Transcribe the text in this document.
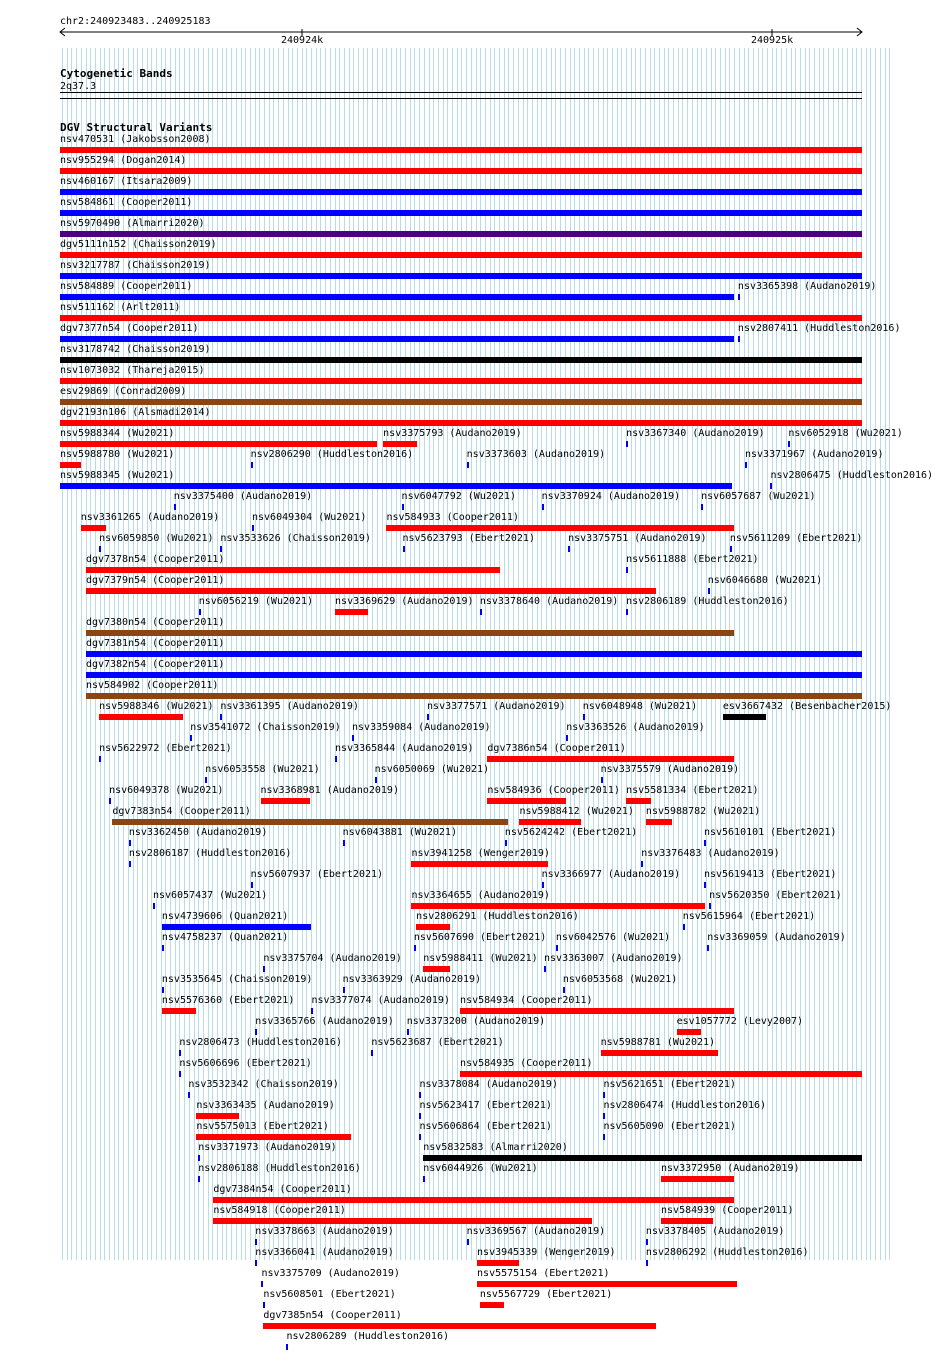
chr2:240923483..240925183
240924k	240925k
Cytogenetic Bands
2q37.3
DGV Structural Variants
nsv470531 (Jakobsson2008)
nsv955294 (Dogan2014)
nsv460167 (Itsara2009)
nsv584861 (Cooper2011)
nsv5970490 (Almarri2020)
dgv5111n152 (Chaisson2019)
nsv3217787 (Chaisson2019)
nsv584889 (Cooper2011)	nsv3365398 (Audano2019)
nsv511162 (Arlt2011)
dgv7377n54 (Cooper2011)	nsv2807411 (Huddleston2016)
nsv3178742 (Chaisson2019)
nsv1073032 (Thareja2015)
esv29869 (Conrad2009)
dgv2193n106 (Alsmadi2014)
nsv5988344 (Wu2021)	nsv3375793 (Audano2019)
nsv3373603 (Audano2019)
nsv3367340 (Audano2019)
nsv5988345 (Wu2021)
nsv3371967 (Audano2019)
nsv5988780 (Wu2021)
nsv3375400 (Audano2019)
nsv2806290 (Huddleston2016)
nsv6047792 (Wu2021)	nsv3370924 (Audano2019) nsv6057687 (Wu2021)
nsv3361265 (Audano2019)
nsv3533626 (Chaisson2019)
nsv584933 (Cooper2011)
nsv5611209 (Ebert2021)
dgv7378n54 (Cooper2011)
nsv3375751 (Audano2019)
nsv5611888 (Ebert2021)
dgv7379n54 (Cooper2011)
nsv2806189 (Huddleston2016)
dgv7380n54 (Cooper2011)
nsv6046680 (Wu2021)
dgv7381n54 (Cooper2011)
dgv7382n54 (Cooper2011)
nsv584902 (Cooper2011)
nsv6059850 (Wu2021)
nsv6056219 (Wu2021) nsv3369629 (Audano2019)
nsv3377571 (Audano2019)
nsv3363526 (Audano2019)
nsv6052918 (Wu2021)
nsv5988346 (Wu2021)
nsv3541072 (Chaisson2019)
nsv5623793 (Ebert2021)
dgv7386n54 (Cooper2011)
esv3667432 (Besenbacher2015)
nsv5622972 (Ebert2021)
nsv6053558 (Wu2021)
nsv3365844 (Audano2019)
nsv3378640 (Audano2019)
nsv3375579 (Audano2019)
nsv6049378 (Wu2021)
nsv3361395 (Audano2019)
nsv3359084 (Audano2019)
nsv584936 (Cooper2011) nsv5581334 (Ebert2021)
dgv7383n54 (Cooper2011)	nsv5988412 (Wu2021) nsv5988782 (Wu2021)
nsv3362450 (Audano2019)
nsv3368981 (Audano2019)
nsv6050069 (Wu2021)
nsv5624242 (Ebert2021)
nsv3376483 (Audano2019)
nsv2806187 (Huddleston2016)
nsv5607937 (Ebert2021)
nsv3941258 (Wenger2019)
nsv3366977 (Audano2019)
nsv5610101 (Ebert2021)
nsv6057437 (Wu2021)
nsv6049304 (Wu2021)
nsv3364655 (Audano2019)
nsv5619413 (Ebert2021)
nsv4739606 (Quan2021)
nsv6043881 (Wu2021)
nsv2806291 (Huddleston2016)
nsv6042576 (Wu2021)
nsv5620350 (Ebert2021)
nsv4758237 (Quan2021)
nsv3375704 (Audano2019)
nsv5607690 (Ebert2021)
nsv3363007 (Audano2019)
nsv5615964 (Ebert2021)
nsv3535645 (Chaisson2019)	nsv3363929 (Audano2019)
nsv584934 (Cooper2011)
nsv3369059 (Audano2019)
nsv5576360 (Ebert2021)
nsv3365766 (Audano2019) nsv3373200 (Audano2019)
nsv6053568 (Wu2021)
esv1057772 (Levy2007)
nsv2806473 (Huddleston2016)	nsv5623687 (Ebert2021)
nsv584935 (Cooper2011)
nsv5606696 (Ebert2021)
nsv3378084 (Audano2019)
nsv6048948 (Wu2021)
nsv2806475 (Huddleston2016)
nsv3532342 (Chaisson2019)
nsv5623417 (Ebert2021)
nsv5988781 (Wu2021)
nsv3363435 (Audano2019)
nsv5606864 (Ebert2021)
nsv5621651 (Ebert2021)
nsv5575013 (Ebert2021)
nsv5988411 (Wu2021)
nsv3371973 (Audano2019)
nsv2806474 (Huddleston2016)
nsv5832583 (Almarri2020)
nsv2806188 (Huddleston2016)	nsv6044926 (Wu2021)
nsv5605090 (Ebert2021)
dgv7384n54 (Cooper2011)
nsv584918 (Cooper2011)
nsv3372950 (Audano2019)
nsv3378663 (Audano2019)	nsv3369567 (Audano2019)
nsv584939 (Cooper2011)
nsv3366041 (Audano2019)	nsv3945339 (Wenger2019)
nsv3378405 (Audano2019)
nsv3375709 (Audano2019)	nsv5575154 (Ebert2021)
nsv5608501 (Ebert2021)	nsv5567729 (Ebert2021)
nsv2806292 (Huddleston2016)
dgv7385n54 (Cooper2011)
nsv2806289 (Huddleston2016)
nsv3377074 (Audano2019)
